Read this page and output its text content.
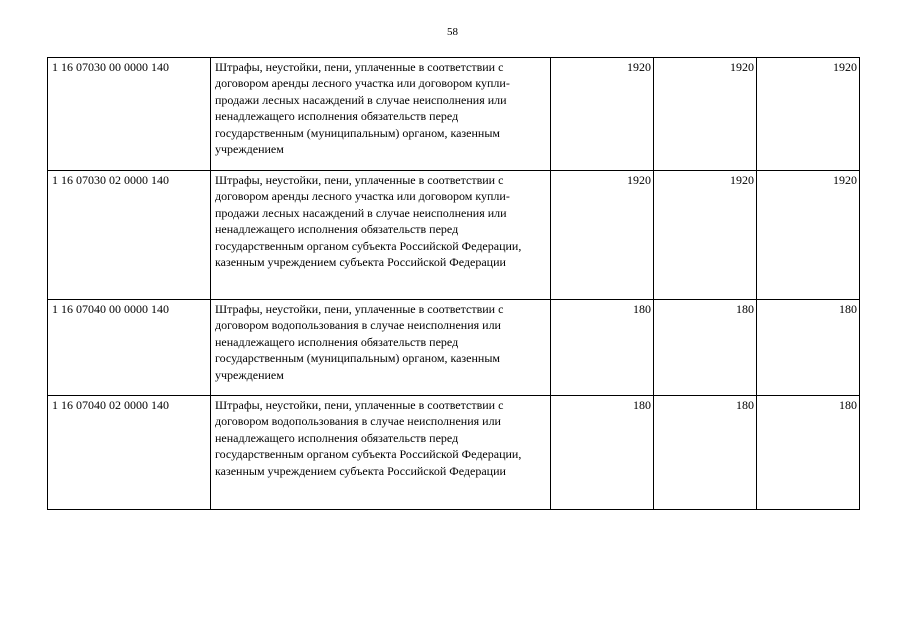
58
1 16 07030 00 0000 140	Штрафы, неустойки, пени, уплаченные в соответствии с договором аренды лесного участка или договором купли-продажи лесных насаждений в случае неисполнения или ненадлежащего исполнения обязательств перед государственным (муниципальным) органом, казенным учреждением	1920	1920	1920
1 16 07030 02 0000 140	Штрафы, неустойки, пени, уплаченные в соответствии с договором аренды лесного участка или договором купли-продажи лесных насаждений в случае неисполнения или ненадлежащего исполнения обязательств перед государственным органом субъекта Российской Федерации, казенным учреждением субъекта Российской Федерации	1920	1920	1920
1 16 07040 00 0000 140	Штрафы, неустойки, пени, уплаченные в соответствии с договором водопользования в случае неисполнения или ненадлежащего исполнения обязательств перед государственным (муниципальным) органом, казенным учреждением	180	180	180
1 16 07040 02 0000 140	Штрафы, неустойки, пени, уплаченные в соответствии с договором водопользования в случае неисполнения или ненадлежащего исполнения обязательств перед государственным органом субъекта Российской Федерации, казенным учреждением субъекта Российской Федерации	180	180	180
